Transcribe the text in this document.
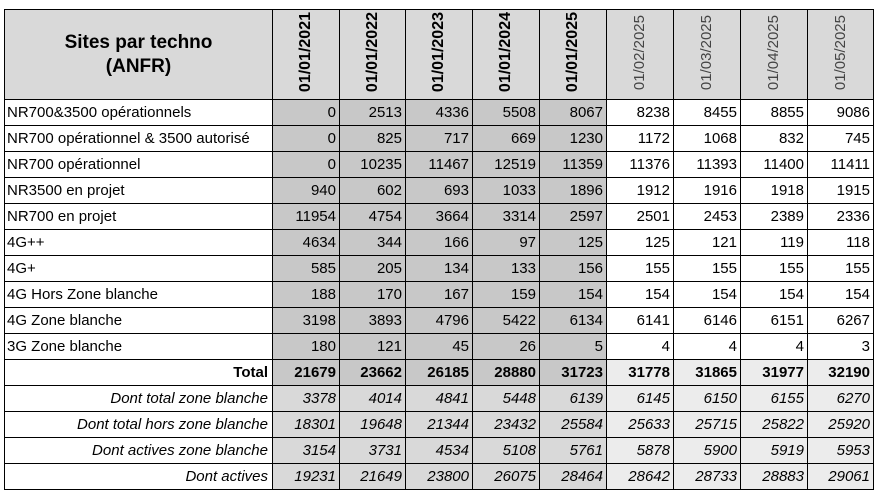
Sites par techno
(ANFR)	01/01/2021	01/01/2022	01/01/2023	01/01/2024	01/01/2025	01/02/2025	01/03/2025	01/04/2025	01/05/2025
NR700&3500 opérationnels	0	2513	4336	5508	8067	8238	8455	8855	9086
NR700 opérationnel & 3500 autorisé	0	825	717	669	1230	1172	1068	832	745
NR700 opérationnel	0	10235	11467	12519	11359	11376	11393	11400	11411
NR3500 en projet	940	602	693	1033	1896	1912	1916	1918	1915
NR700 en projet	11954	4754	3664	3314	2597	2501	2453	2389	2336
4G++	4634	344	166	97	125	125	121	119	118
4G+	585	205	134	133	156	155	155	155	155
4G Hors Zone blanche	188	170	167	159	154	154	154	154	154
4G Zone blanche	3198	3893	4796	5422	6134	6141	6146	6151	6267
3G Zone blanche	180	121	45	26	5	4	4	4	3
Total	21679	23662	26185	28880	31723	31778	31865	31977	32190
Dont total zone blanche	3378	4014	4841	5448	6139	6145	6150	6155	6270
Dont total hors zone blanche	18301	19648	21344	23432	25584	25633	25715	25822	25920
Dont actives zone blanche	3154	3731	4534	5108	5761	5878	5900	5919	5953
Dont actives	19231	21649	23800	26075	28464	28642	28733	28883	29061
